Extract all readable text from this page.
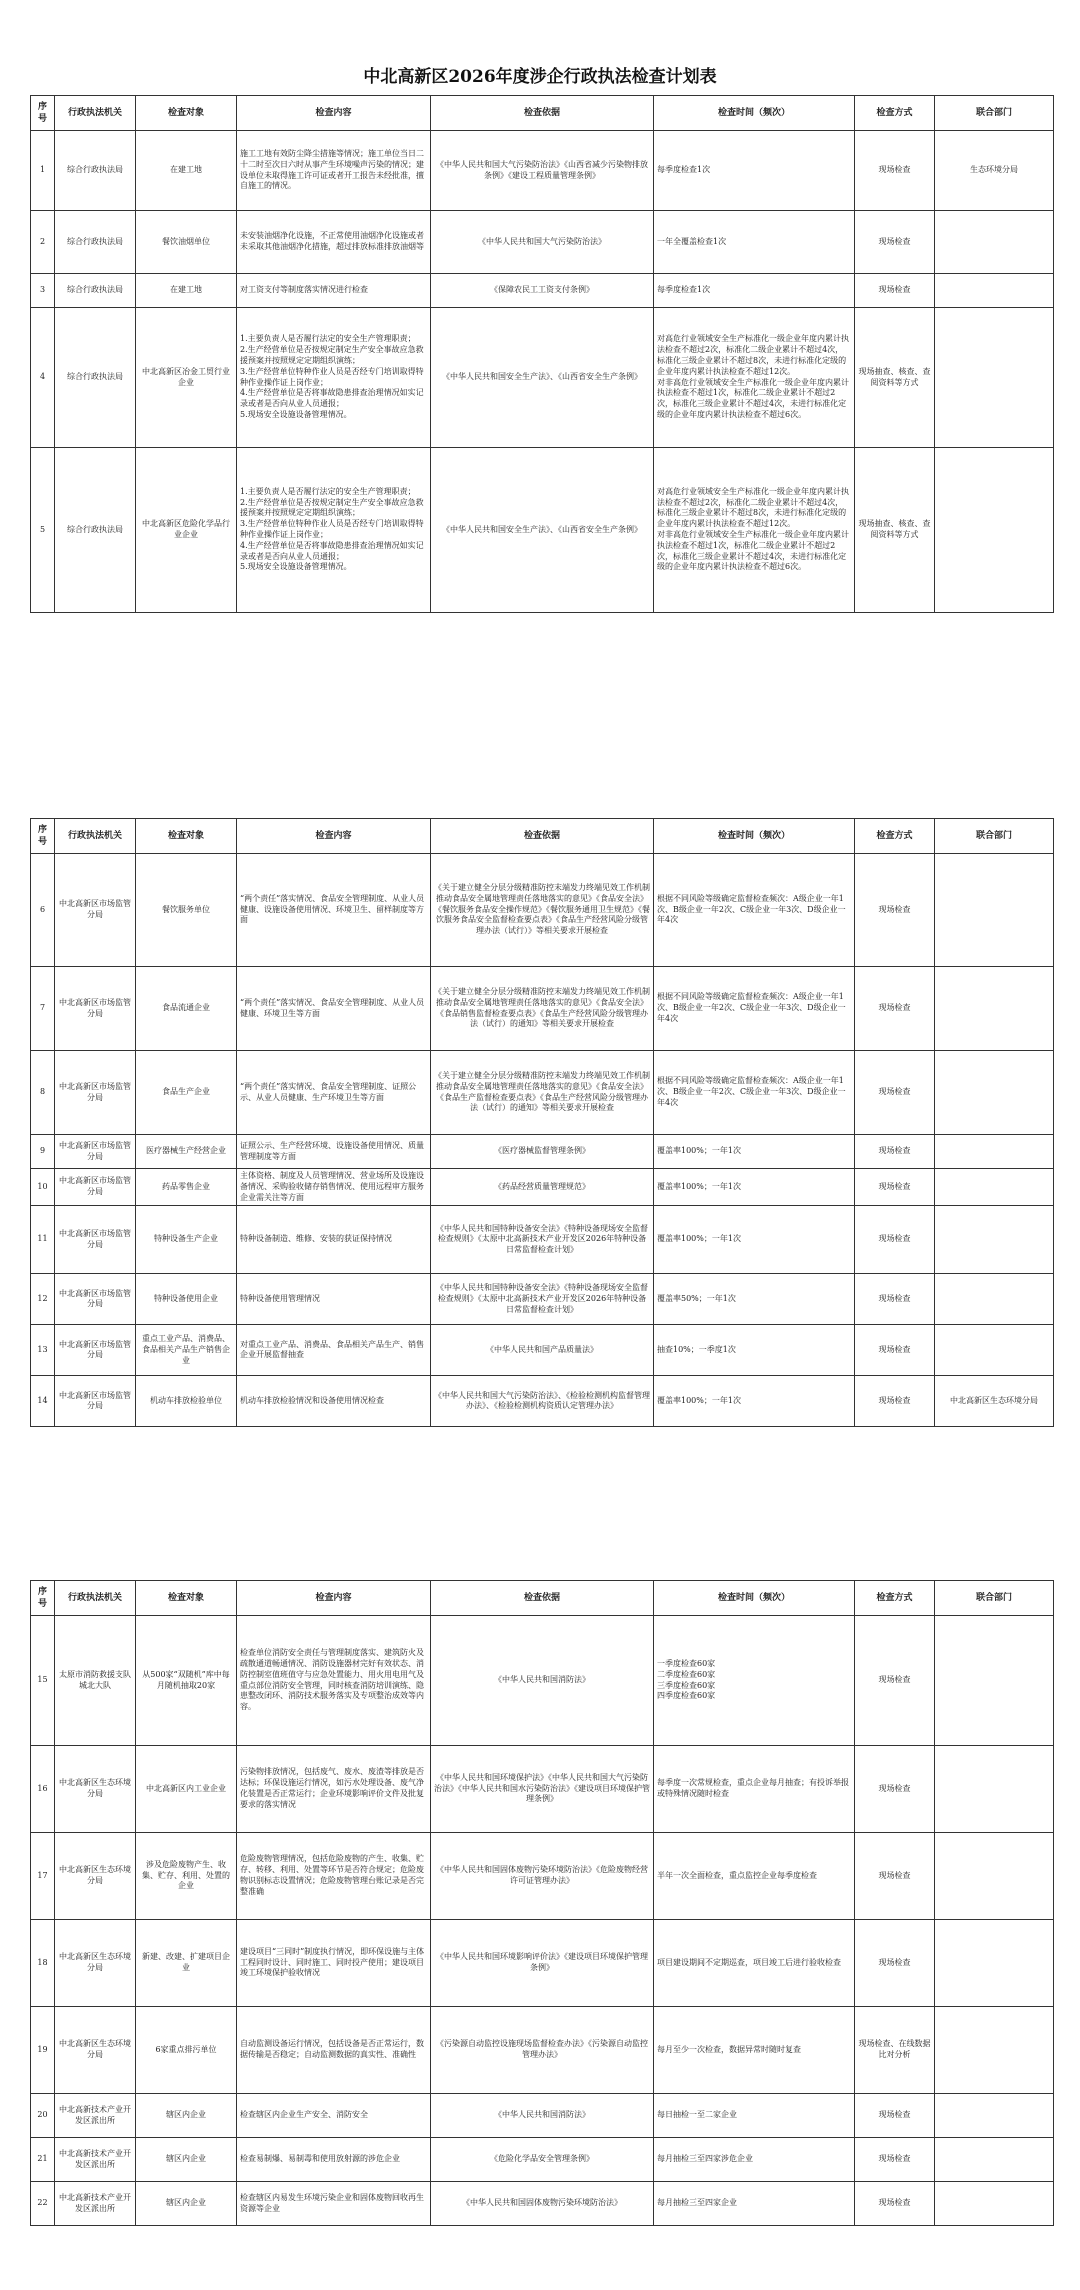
中北高新区2026年度涉企行政执法检查计划表
序号	行政执法机关	检查对象	检查内容	检查依据	检查时间（频次）	检查方式	联合部门
1	综合行政执法局	在建工地	施工工地有效防尘降尘措施等情况；施工单位当日二十二时至次日六时从事产生环境噪声污染的情况；建设单位未取得施工许可证或者开工报告未经批准，擅自施工的情况。	《中华人民共和国大气污染防治法》《山西省减少污染物排放条例》《建设工程质量管理条例》	每季度检查1次	现场检查	生态环境分局
2	综合行政执法局	餐饮油烟单位	未安装油烟净化设施，不正常使用油烟净化设施或者未采取其他油烟净化措施，超过排放标准排放油烟等	《中华人民共和国大气污染防治法》	一年全覆盖检查1次	现场检查	
3	综合行政执法局	在建工地	对工资支付等制度落实情况进行检查	《保障农民工工资支付条例》	每季度检查1次	现场检查	
4	综合行政执法局	中北高新区冶金工贸行业企业	1.主要负责人是否履行法定的安全生产管理职责；
2.生产经营单位是否按规定制定生产安全事故应急救援预案并按照规定定期组织演练；
3.生产经营单位特种作业人员是否经专门培训取得特种作业操作证上岗作业；
4.生产经营单位是否将事故隐患排查治理情况如实记录或者是否向从业人员通报；
5.现场安全设施设备管理情况。	《中华人民共和国安全生产法》、《山西省安全生产条例》	对高危行业领域安全生产标准化一级企业年度内累计执法检查不超过2次，标准化二级企业累计不超过4次，标准化三级企业累计不超过8次，未进行标准化定级的企业年度内累计执法检查不超过12次。
对非高危行业领域安全生产标准化一级企业年度内累计执法检查不超过1次，标准化二级企业累计不超过2次，标准化三级企业累计不超过4次，未进行标准化定级的企业年度内累计执法检查不超过6次。	现场抽查、核查、查阅资料等方式	
5	综合行政执法局	中北高新区危险化学品行业企业	1.主要负责人是否履行法定的安全生产管理职责；
2.生产经营单位是否按规定制定生产安全事故应急救援预案并按照规定定期组织演练；
3.生产经营单位特种作业人员是否经专门培训取得特种作业操作证上岗作业；
4.生产经营单位是否将事故隐患排查治理情况如实记录或者是否向从业人员通报；
5.现场安全设施设备管理情况。	《中华人民共和国安全生产法》、《山西省安全生产条例》	对高危行业领域安全生产标准化一级企业年度内累计执法检查不超过2次，标准化二级企业累计不超过4次，标准化三级企业累计不超过8次，未进行标准化定级的企业年度内累计执法检查不超过12次。
对非高危行业领域安全生产标准化一级企业年度内累计执法检查不超过1次，标准化二级企业累计不超过2次，标准化三级企业累计不超过4次，未进行标准化定级的企业年度内累计执法检查不超过6次。	现场抽查、核查、查阅资料等方式	
序号	行政执法机关	检查对象	检查内容	检查依据	检查时间（频次）	检查方式	联合部门
6	中北高新区市场监管分局	餐饮服务单位	“两个责任”落实情况、食品安全管理制度、从业人员健康、设施设备使用情况、环境卫生、留样制度等方面	《关于建立健全分层分级精准防控末端发力终端见效工作机制 推动食品安全属地管理责任落地落实的意见》《食品安全法》《餐饮服务食品安全操作规范》《餐饮服务通用卫生规范》《餐饮服务食品安全监督检查要点表》《食品生产经营风险分级管理办法（试行）》等相关要求开展检查	根据不同风险等级确定监督检查频次：A级企业一年1次、B级企业一年2次、C级企业一年3次、D级企业一年4次	现场检查	
7	中北高新区市场监管分局	食品流通企业	“两个责任”落实情况、食品安全管理制度、从业人员健康、环境卫生等方面	《关于建立健全分层分级精准防控末端发力终端见效工作机制 推动食品安全属地管理责任落地落实的意见》《食品安全法》《食品销售监督检查要点表》《食品生产经营风险分级管理办法（试行）的通知》等相关要求开展检查	根据不同风险等级确定监督检查频次：A级企业一年1次、B级企业一年2次、C级企业一年3次、D级企业一年4次	现场检查	
8	中北高新区市场监管分局	食品生产企业	“两个责任”落实情况、食品安全管理制度、证照公示、从业人员健康、生产环境卫生等方面	《关于建立健全分层分级精准防控末端发力终端见效工作机制 推动食品安全属地管理责任落地落实的意见》《食品安全法》《食品生产监督检查要点表》《食品生产经营风险分级管理办法（试行）的通知》等相关要求开展检查	根据不同风险等级确定监督检查频次：A级企业一年1次、B级企业一年2次、C级企业一年3次、D级企业一年4次	现场检查	
9	中北高新区市场监管分局	医疗器械生产经营企业	证照公示、生产经营环境、设施设备使用情况、质量管理制度等方面	《医疗器械监督管理条例》	覆盖率100%；一年1次	现场检查	
10	中北高新区市场监管分局	药品零售企业	主体资格、制度及人员管理情况、营业场所及设施设备情况、采购验收储存销售情况、使用远程审方服务企业需关注等方面	《药品经营质量管理规范》	覆盖率100%；一年1次	现场检查	
11	中北高新区市场监管分局	特种设备生产企业	特种设备制造、维修、安装的获证保持情况	《中华人民共和国特种设备安全法》《特种设备现场安全监督检查规则》《太原中北高新技术产业开发区2026年特种设备日常监督检查计划》	覆盖率100%；一年1次	现场检查	
12	中北高新区市场监管分局	特种设备使用企业	特种设备使用管理情况	《中华人民共和国特种设备安全法》《特种设备现场安全监督检查规则》《太原中北高新技术产业开发区2026年特种设备日常监督检查计划》	覆盖率50%；一年1次	现场检查	
13	中北高新区市场监管分局	重点工业产品、消费品、食品相关产品生产销售企业	对重点工业产品、消费品、食品相关产品生产、销售企业开展监督抽查	《中华人民共和国产品质量法》	抽查10%；一季度1次	现场检查	
14	中北高新区市场监管分局	机动车排放检验单位	机动车排放检验情况和设备使用情况检查	《中华人民共和国大气污染防治法》、《检验检测机构监督管理办法》、《检验检测机构资质认定管理办法》	覆盖率100%；一年1次	现场检查	中北高新区生态环境分局
序号	行政执法机关	检查对象	检查内容	检查依据	检查时间（频次）	检查方式	联合部门
15	太原市消防救援支队城北大队	从500家“双随机”库中每月随机抽取20家	检查单位消防安全责任与管理制度落实、建筑防火及疏散通道畅通情况、消防设施器材完好有效状态、消防控制室值班值守与应急处置能力、用火用电用气及重点部位消防安全管理，同时核查消防培训演练、隐患整改闭环、消防技术服务落实及专项整治成效等内容。	《中华人民共和国消防法》	一季度检查60家
二季度检查60家
三季度检查60家
四季度检查60家	现场检查	
16	中北高新区生态环境分局	中北高新区内工业企业	污染物排放情况，包括废气、废水、废渣等排放是否达标；环保设施运行情况，如污水处理设备、废气净化装置是否正常运行；企业环境影响评价文件及批复要求的落实情况	《中华人民共和国环境保护法》《中华人民共和国大气污染防治法》《中华人民共和国水污染防治法》《建设项目环境保护管理条例》	每季度一次常规检查，重点企业每月抽查；有投诉举报或特殊情况随时检查	现场检查	
17	中北高新区生态环境分局	涉及危险废物产生、收集、贮存、利用、处置的企业	危险废物管理情况，包括危险废物的产生、收集、贮存、转移、利用、处置等环节是否符合规定；危险废物识别标志设置情况；危险废物管理台账记录是否完整准确	《中华人民共和国固体废物污染环境防治法》《危险废物经营许可证管理办法》	半年一次全面检查，重点监控企业每季度检查	现场检查	
18	中北高新区生态环境分局	新建、改建、扩建项目企业	建设项目“三同时”制度执行情况，即环保设施与主体工程同时设计、同时施工、同时投产使用；建设项目竣工环境保护验收情况	《中华人民共和国环境影响评价法》《建设项目环境保护管理条例》	项目建设期间不定期巡查，项目竣工后进行验收检查	现场检查	
19	中北高新区生态环境分局	6家重点排污单位	自动监测设备运行情况，包括设备是否正常运行，数据传输是否稳定；自动监测数据的真实性、准确性	《污染源自动监控设施现场监督检查办法》《污染源自动监控管理办法》	每月至少一次检查，数据异常时随时复查	现场检查、在线数据比对分析	
20	中北高新技术产业开发区派出所	辖区内企业	检查辖区内企业生产安全、消防安全	《中华人民共和国消防法》	每日抽检一至二家企业	现场检查	
21	中北高新技术产业开发区派出所	辖区内企业	检查易制爆、易制毒和使用放射源的涉危企业	《危险化学品安全管理条例》	每月抽检三至四家涉危企业	现场检查	
22	中北高新技术产业开发区派出所	辖区内企业	检查辖区内易发生环境污染企业和固体废物回收再生资源等企业	《中华人民共和国固体废物污染环境防治法》	每月抽检三至四家企业	现场检查	
